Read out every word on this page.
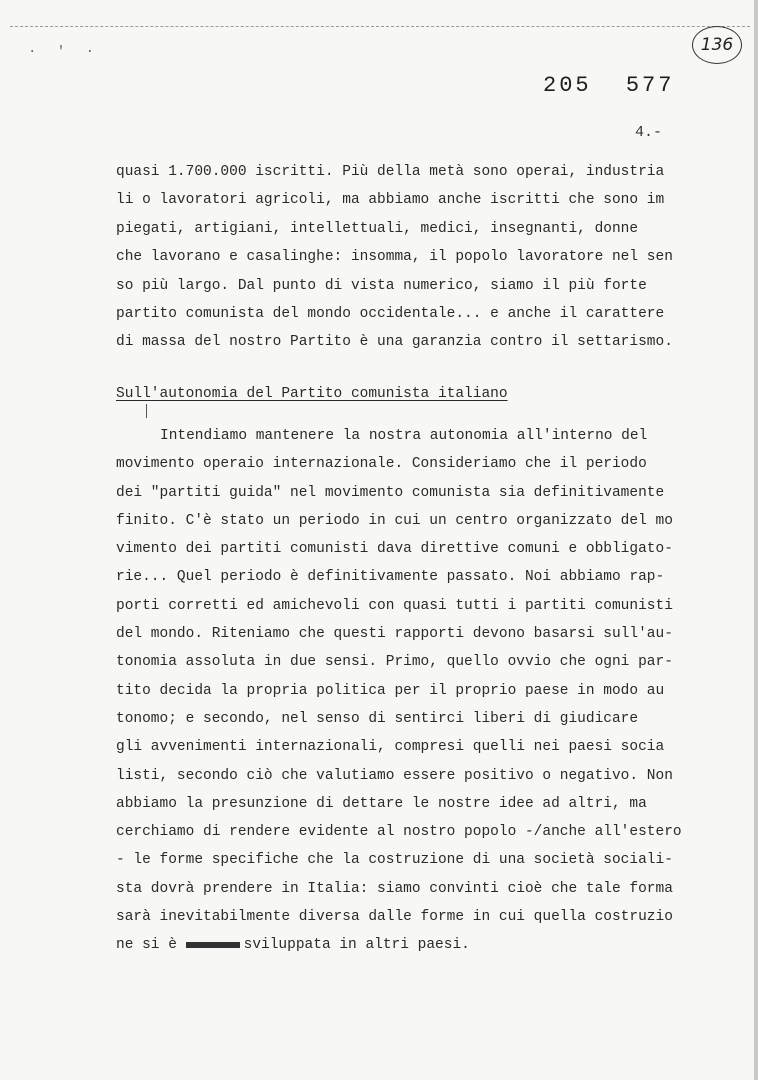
· ' ·	136
205 577
4.-
quasi 1.700.000 iscritti. Più della metà sono operai, industria
li o lavoratori agricoli, ma abbiamo anche iscritti che sono im
piegati, artigiani, intellettuali, medici, insegnanti, donne
che lavorano e casalinghe: insomma, il popolo lavoratore nel sen
so più largo. Dal punto di vista numerico, siamo il più forte
partito comunista del mondo occidentale... e anche il carattere
di massa del nostro Partito è una garanzia contro il settarismo.
Sull'autonomia del Partito comunista italiano
Intendiamo mantenere la nostra autonomia all'interno del
movimento operaio internazionale. Consideriamo che il periodo
dei "partiti guida" nel movimento comunista sia definitivamente
finito. C'è stato un periodo in cui un centro organizzato del mo
vimento dei partiti comunisti dava direttive comuni e obbligato-
rie... Quel periodo è definitivamente passato. Noi abbiamo rap-
porti corretti ed amichevoli con quasi tutti i partiti comunisti
del mondo. Riteniamo che questi rapporti devono basarsi sull'au-
tonomia assoluta in due sensi. Primo, quello ovvio che ogni par-
tito decida la propria politica per il proprio paese in modo au
tonomo; e secondo, nel senso di sentirci liberi di giudicare
gli avvenimenti internazionali, compresi quelli nei paesi socia
listi, secondo ciò che valutiamo essere positivo o negativo. Non
abbiamo la presunzione di dettare le nostre idee ad altri, ma
cerchiamo di rendere evidente al nostro popolo -/anche all'estero
- le forme specifiche che la costruzione di una società sociali-
sta dovrà prendere in Italia: siamo convinti cioè che tale forma
sarà inevitabilmente diversa dalle forme in cui quella costruzio
ne si è	sviluppata in altri paesi.
